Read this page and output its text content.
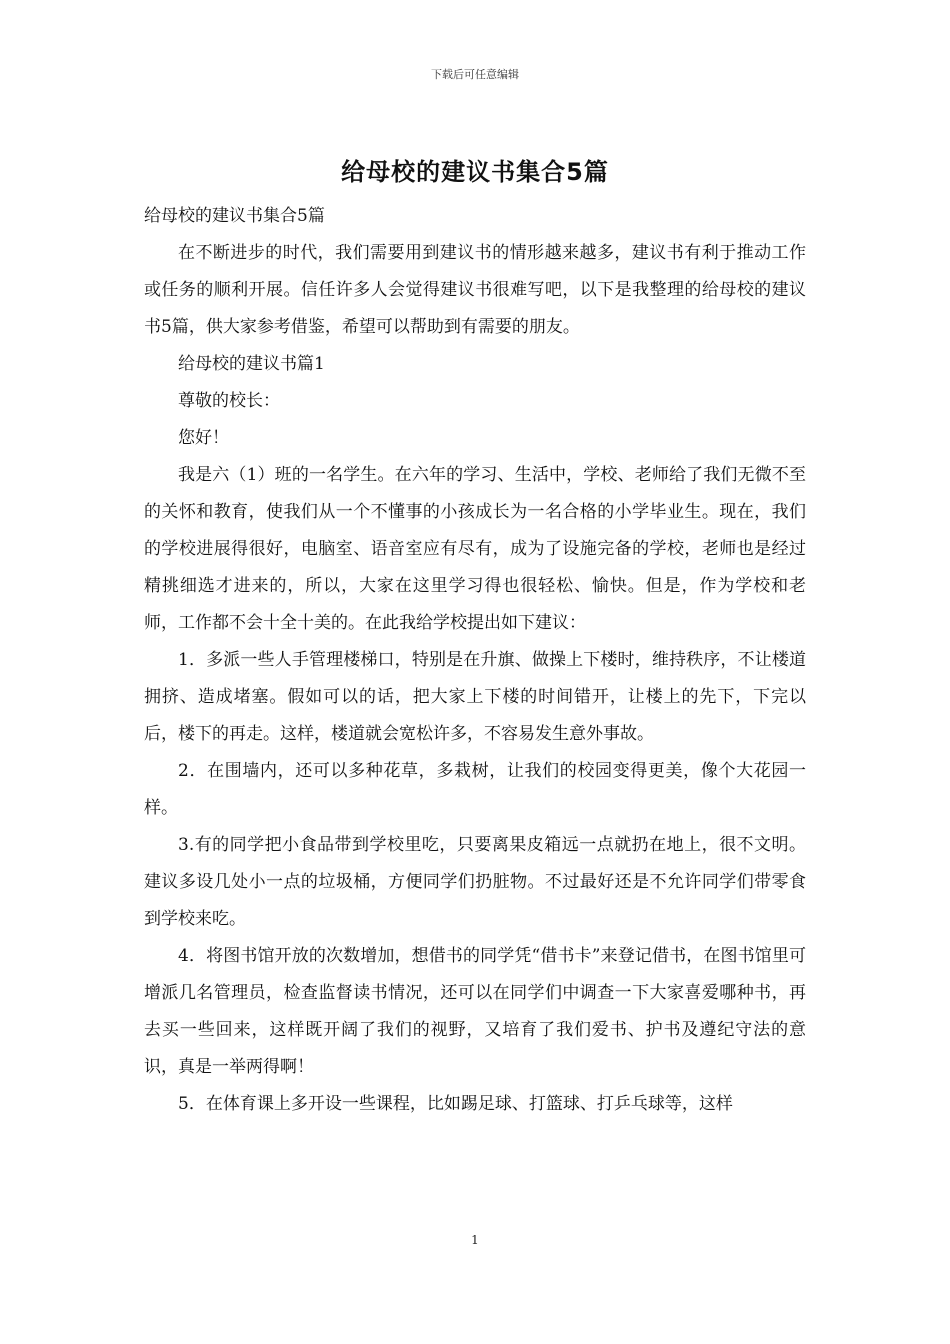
下载后可任意编辑
给母校的建议书集合5篇

给母校的建议书集合5篇

在不断进步的时代，我们需要用到建议书的情形越来越多，建议书有利于推动工作或任务的顺利开展。信任许多人会觉得建议书很难写吧，以下是我整理的给母校的建议书5篇，供大家参考借鉴，希望可以帮助到有需要的朋友。

给母校的建议书篇1

尊敬的校长：

您好！

我是六（1）班的一名学生。在六年的学习、生活中，学校、老师给了我们无微不至的关怀和教育，使我们从一个不懂事的小孩成长为一名合格的小学毕业生。现在，我们的学校进展得很好，电脑室、语音室应有尽有，成为了设施完备的学校，老师也是经过精挑细选才进来的，所以，大家在这里学习得也很轻松、愉快。但是，作为学校和老师，工作都不会十全十美的。在此我给学校提出如下建议：

1．多派一些人手管理楼梯口，特别是在升旗、做操上下楼时，维持秩序，不让楼道拥挤、造成堵塞。假如可以的话，把大家上下楼的时间错开，让楼上的先下，下完以后，楼下的再走。这样，楼道就会宽松许多，不容易发生意外事故。

2．在围墙内，还可以多种花草，多栽树，让我们的校园变得更美，像个大花园一样。

3.有的同学把小食品带到学校里吃，只要离果皮箱远一点就扔在地上，很不文明。建议多设几处小一点的垃圾桶，方便同学们扔脏物。不过最好还是不允许同学们带零食到学校来吃。

4．将图书馆开放的次数增加，想借书的同学凭“借书卡”来登记借书，在图书馆里可增派几名管理员，检查监督读书情况，还可以在同学们中调查一下大家喜爱哪种书，再去买一些回来，这样既开阔了我们的视野，又培育了我们爱书、护书及遵纪守法的意识，真是一举两得啊！

5．在体育课上多开设一些课程，比如踢足球、打篮球、打乒乓球等，这样

1
